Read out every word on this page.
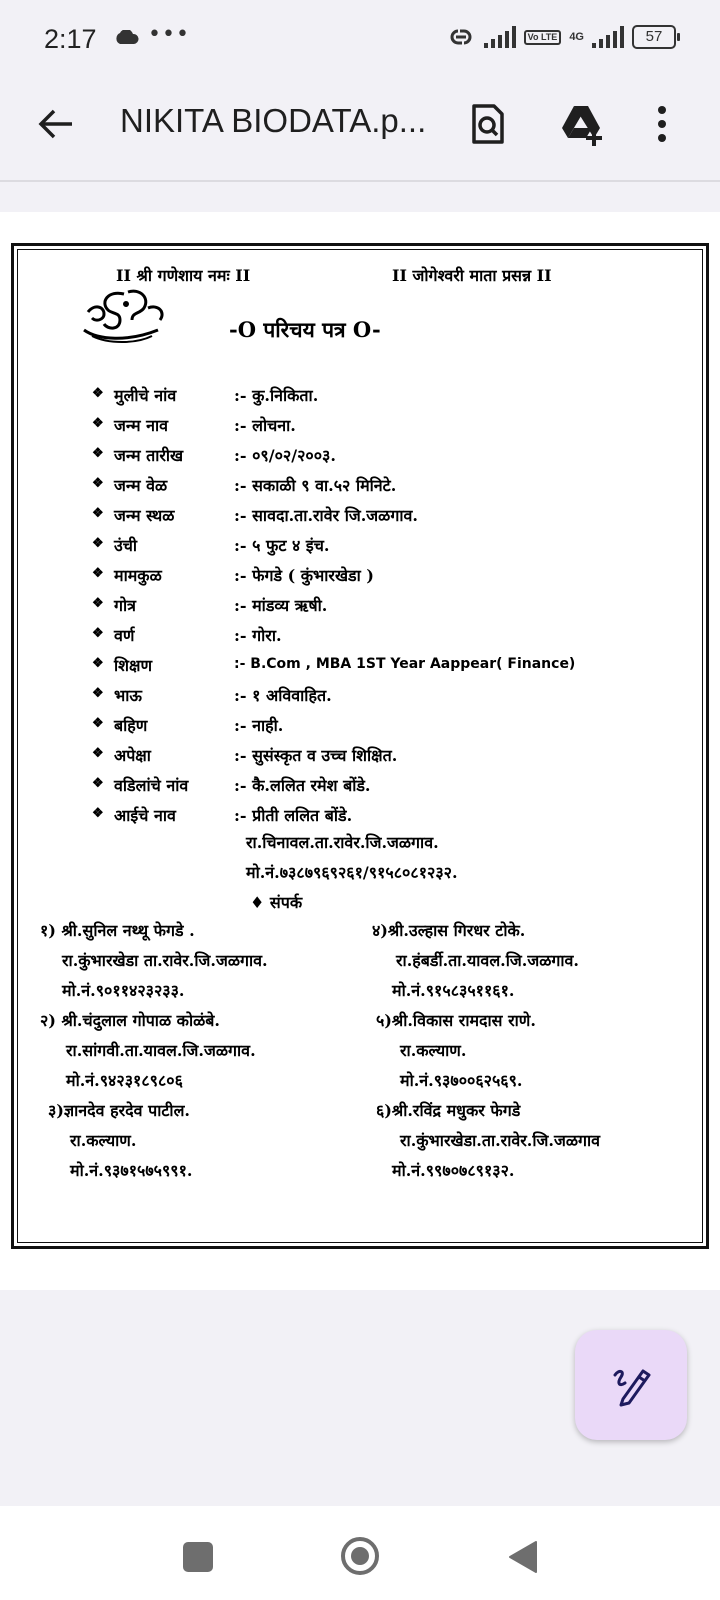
2:17 •••	Vo LTE	4G	57
NIKITA BIODATA.p...
II श्री गणेशाय नमः II	II जोगेश्वरी माता प्रसन्न II
-O परिचय पत्र O-
❖ मुलीचे नांव	:- कु.निकिता.
❖ जन्म नाव	:- लोचना.
❖ जन्म तारीख	:- ०९/०२/२००३.
❖ जन्म वेळ	:- सकाळी ९ वा.५२ मिनिटे.
❖ जन्म स्थळ	:- सावदा.ता.रावेर जि.जळगाव.
❖ उंची	:- ५ फुट ४ इंच.
❖ मामकुळ	:- फेगडे ( कुंभारखेडा )
❖ गोत्र	:- मांडव्य ऋषी.
❖ वर्ण	:- गोरा.
❖ शिक्षण	:- B.Com , MBA 1ST Year Aappear( Finance)
❖ भाऊ	:- १ अविवाहित.
❖ बहिण	:- नाही.
❖ अपेक्षा	:- सुसंस्कृत व उच्च शिक्षित.
❖ वडिलांचे नांव	:- कै.ललित रमेश बोंडे.
❖ आईचे नाव	:- प्रीती ललित बोंडे.
रा.चिनावल.ता.रावेर.जि.जळगाव.
मो.नं.७३८७९६९२६१/९१५८०८१२३२.
♦ संपर्क
१) श्री.सुनिल नथ्थू फेगडे .
रा.कुंभारखेडा ता.रावेर.जि.जळगाव.
मो.नं.९०११४२३२३३.
२) श्री.चंदुलाल गोपाळ कोळंबे.
रा.सांगवी.ता.यावल.जि.जळगाव.
मो.नं.९४२३१८९८०६
३)ज्ञानदेव हरदेव पाटील.
रा.कल्याण.
मो.नं.९३७१५७५९९१.
४)श्री.उल्हास गिरधर टोके.
रा.हंबर्डी.ता.यावल.जि.जळगाव.
मो.नं.९१५८३५११६१.
५)श्री.विकास रामदास राणे.
रा.कल्याण.
मो.नं.९३७००६२५६९.
६)श्री.रविंद्र मधुकर फेगडे
रा.कुंभारखेडा.ता.रावेर.जि.जळगाव
मो.नं.९९७०७८९१३२.
